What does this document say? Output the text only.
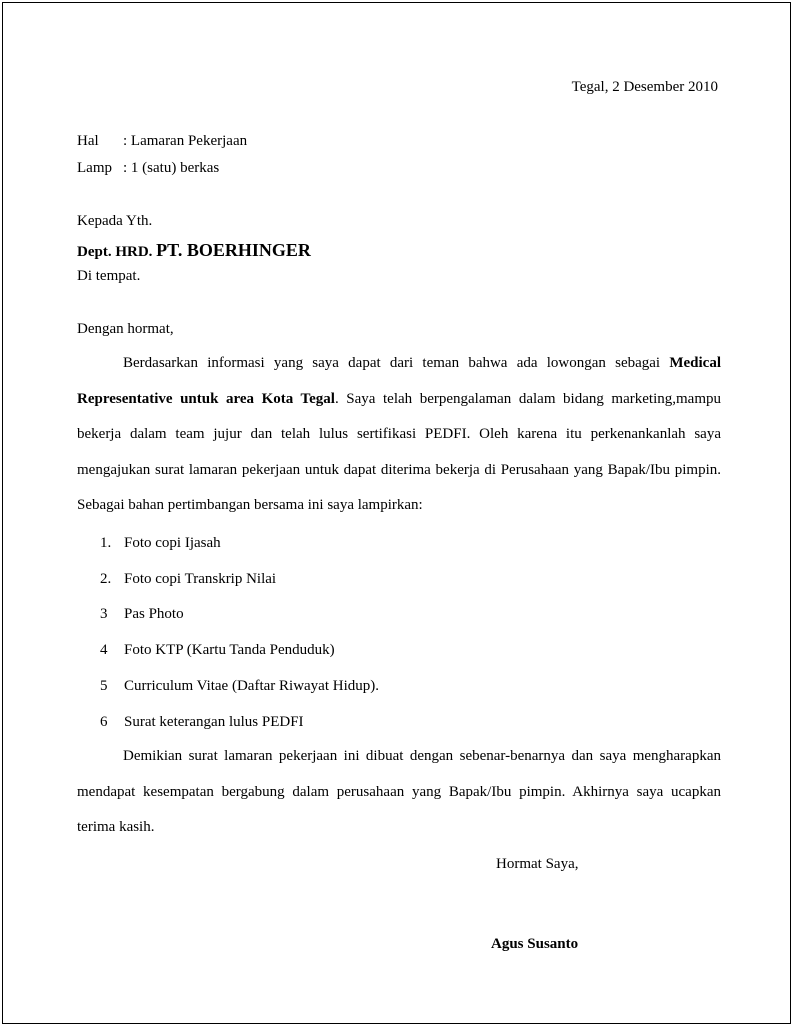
Tegal, 2 Desember 2010
Hal : Lamaran Pekerjaan
Lamp : 1 (satu) berkas
Kepada Yth.
Dept. HRD. PT. BOERHINGER
Di tempat.
Dengan hormat,
Berdasarkan informasi yang saya dapat dari teman bahwa ada lowongan sebagai Medical Representative untuk area Kota Tegal. Saya telah berpengalaman dalam bidang marketing,mampu bekerja dalam team jujur dan telah lulus sertifikasi PEDFI. Oleh karena itu perkenankanlah saya mengajukan surat lamaran pekerjaan untuk dapat diterima bekerja di Perusahaan yang Bapak/Ibu pimpin. Sebagai bahan pertimbangan bersama ini saya lampirkan:
1. Foto copi Ijasah
2. Foto copi Transkrip Nilai
3 Pas Photo
4 Foto KTP (Kartu Tanda Penduduk)
5 Curriculum Vitae (Daftar Riwayat Hidup).
6 Surat keterangan lulus PEDFI
Demikian surat lamaran pekerjaan ini dibuat dengan sebenar-benarnya dan saya mengharapkan mendapat kesempatan bergabung dalam perusahaan yang Bapak/Ibu pimpin. Akhirnya saya ucapkan terima kasih.
Hormat Saya,
Agus Susanto
